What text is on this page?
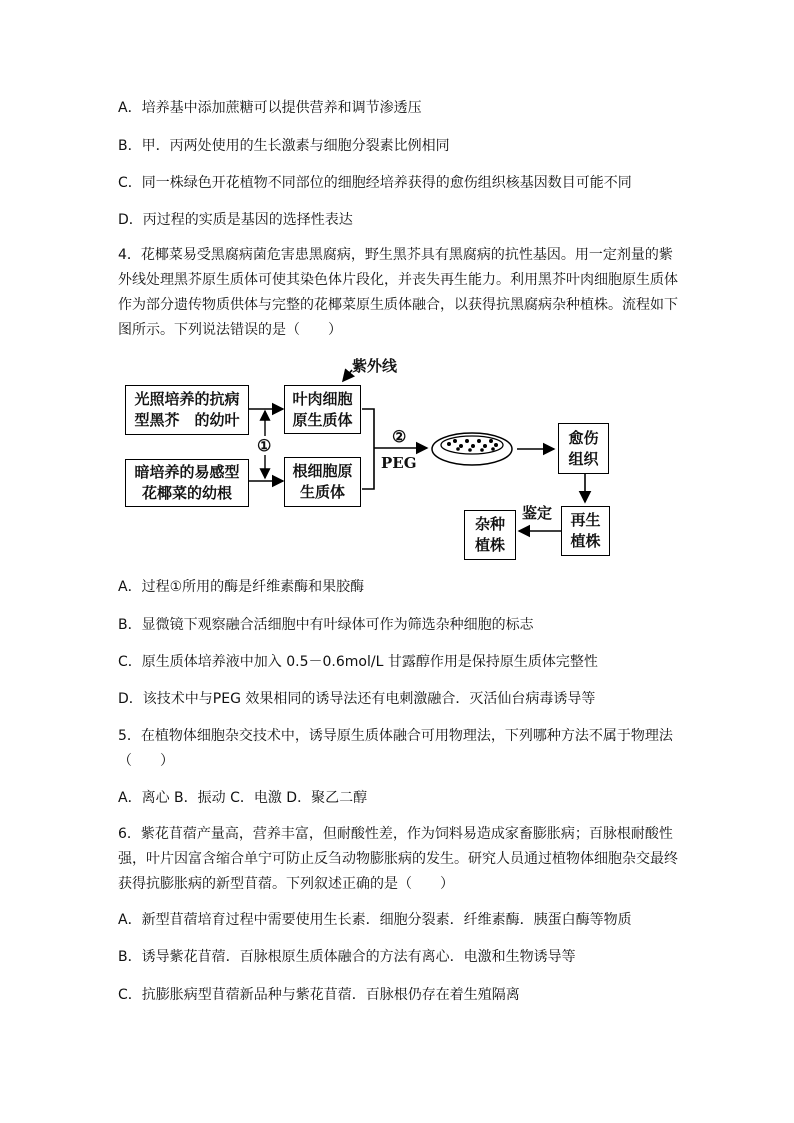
A．培养基中添加蔗糖可以提供营养和调节渗透压
B．甲．丙两处使用的生长激素与细胞分裂素比例相同
C．同一株绿色开花植物不同部位的细胞经培养获得的愈伤组织核基因数目可能不同
D．丙过程的实质是基因的选择性表达
4．花椰菜易受黑腐病菌危害患黑腐病，野生黑芥具有黑腐病的抗性基因。用一定剂量的紫外线处理黑芥原生质体可使其染色体片段化，并丧失再生能力。利用黑芥叶肉细胞原生质体作为部分遗传物质供体与完整的花椰菜原生质体融合，以获得抗黑腐病杂种植株。流程如下图所示。下列说法错误的是（　　）
紫外线
光照培养的抗病
型黑芥　的幼叶
暗培养的易感型
花椰菜的幼根
①
叶肉细胞
原生质体
根细胞原
生质体
②
PEG
愈伤
组织
再生
植株
鉴定
杂种
植株
A．过程①所用的酶是纤维素酶和果胶酶
B．显微镜下观察融合活细胞中有叶绿体可作为筛选杂种细胞的标志
C．原生质体培养液中加入 0.5－0.6mol/L 甘露醇作用是保持原生质体完整性
D．该技术中与PEG 效果相同的诱导法还有电刺激融合．灭活仙台病毒诱导等
5．在植物体细胞杂交技术中，诱导原生质体融合可用物理法，下列哪种方法不属于物理法（　　）
A．离心 B．振动 C．电激 D．聚乙二醇
6．紫花苜蓿产量高，营养丰富，但耐酸性差，作为饲料易造成家畜膨胀病；百脉根耐酸性强，叶片因富含缩合单宁可防止反刍动物膨胀病的发生。研究人员通过植物体细胞杂交最终获得抗膨胀病的新型苜蓿。下列叙述正确的是（　　）
A．新型苜蓿培育过程中需要使用生长素．细胞分裂素．纤维素酶．胰蛋白酶等物质
B．诱导紫花苜蓿．百脉根原生质体融合的方法有离心．电激和生物诱导等
C．抗膨胀病型苜蓿新品种与紫花苜蓿．百脉根仍存在着生殖隔离
